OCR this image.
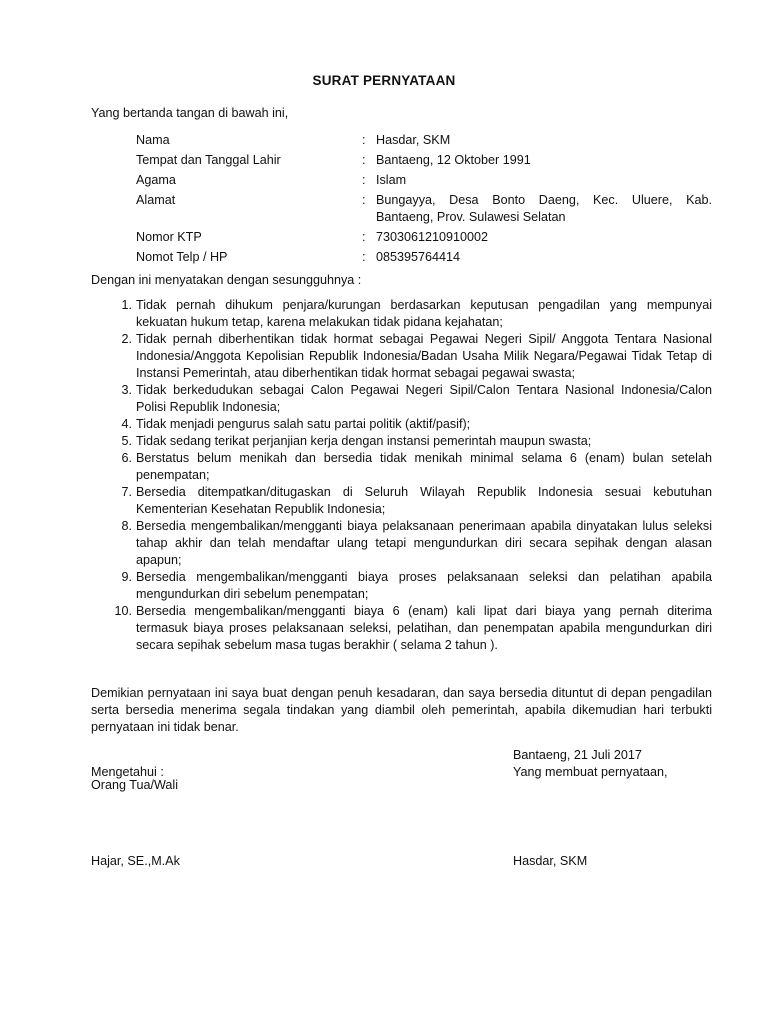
SURAT PERNYATAAN
Yang bertanda tangan di bawah ini,
Nama	:	Hasdar, SKM
Tempat dan Tanggal Lahir	:	Bantaeng, 12 Oktober 1991
Agama	:	Islam
Alamat	:	Bungayya, Desa Bonto Daeng, Kec. Uluere, Kab. Bantaeng, Prov. Sulawesi Selatan
Nomor KTP	:	7303061210910002
Nomot Telp / HP	:	085395764414
Dengan ini menyatakan dengan sesungguhnya :
1. Tidak pernah dihukum penjara/kurungan berdasarkan keputusan pengadilan yang mempunyai kekuatan hukum tetap, karena melakukan tidak pidana kejahatan;
2. Tidak pernah diberhentikan tidak hormat sebagai Pegawai Negeri Sipil/ Anggota Tentara Nasional Indonesia/Anggota Kepolisian Republik Indonesia/Badan Usaha Milik Negara/Pegawai Tidak Tetap di Instansi Pemerintah, atau diberhentikan tidak hormat sebagai pegawai swasta;
3. Tidak berkedudukan sebagai Calon Pegawai Negeri Sipil/Calon Tentara Nasional Indonesia/Calon Polisi Republik Indonesia;
4. Tidak menjadi pengurus salah satu partai politik (aktif/pasif);
5. Tidak sedang terikat perjanjian kerja dengan instansi pemerintah maupun swasta;
6. Berstatus belum menikah dan bersedia tidak menikah minimal selama 6 (enam) bulan setelah penempatan;
7. Bersedia ditempatkan/ditugaskan di Seluruh Wilayah Republik Indonesia sesuai kebutuhan Kementerian Kesehatan Republik Indonesia;
8. Bersedia mengembalikan/mengganti biaya pelaksanaan penerimaan apabila dinyatakan lulus seleksi tahap akhir dan telah mendaftar ulang tetapi mengundurkan diri secara sepihak dengan alasan apapun;
9. Bersedia mengembalikan/mengganti biaya proses pelaksanaan seleksi dan pelatihan apabila mengundurkan diri sebelum penempatan;
10. Bersedia mengembalikan/mengganti biaya 6 (enam) kali lipat dari biaya yang pernah diterima termasuk biaya proses pelaksanaan seleksi, pelatihan, dan penempatan apabila mengundurkan diri secara sepihak sebelum masa tugas berakhir ( selama 2 tahun ).
Demikian pernyataan ini saya buat dengan penuh kesadaran, dan saya bersedia dituntut di depan pengadilan serta bersedia menerima segala tindakan yang diambil oleh pemerintah, apabila dikemudian hari terbukti pernyataan ini tidak benar.
Bantaeng, 21 Juli 2017
Yang membuat pernyataan,
Mengetahui :
Orang Tua/Wali
Hajar, SE.,M.Ak	Hasdar, SKM
